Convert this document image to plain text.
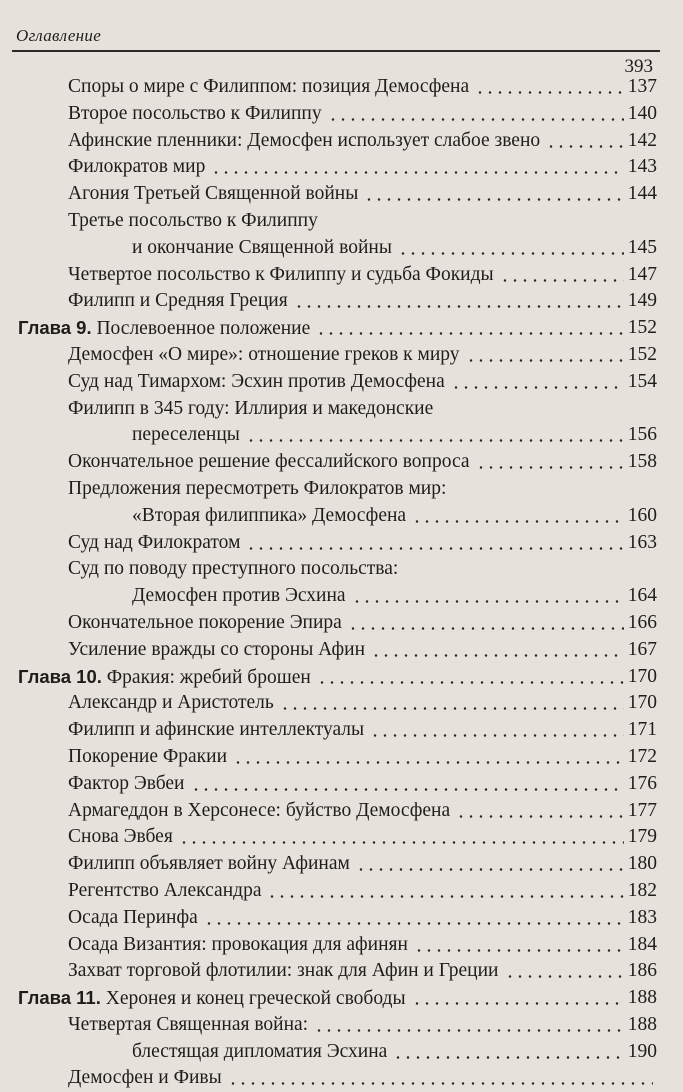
Оглавление
393
Споры о мире с Филиппом: позиция Демосфена	137
Второе посольство к Филиппу	140
Афинские пленники: Демосфен использует слабое звено	142
Филократов мир	143
Агония Третьей Священной войны	144
Третье посольство к Филиппу
и окончание Священной войны	145
Четвертое посольство к Филиппу и судьба Фокиды	147
Филипп и Средняя Греция	149
Глава 9. Послевоенное положение	152
Демосфен «О мире»: отношение греков к миру	152
Суд над Тимархом: Эсхин против Демосфена	154
Филипп в 345 году: Иллирия и македонские
переселенцы	156
Окончательное решение фессалийского вопроса	158
Предложения пересмотреть Филократов мир:
«Вторая филиппика» Демосфена	160
Суд над Филократом	163
Суд по поводу преступного посольства:
Демосфен против Эсхина	164
Окончательное покорение Эпира	166
Усиление вражды со стороны Афин	167
Глава 10. Фракия: жребий брошен	170
Александр и Аристотель	170
Филипп и афинские интеллектуалы	171
Покорение Фракии	172
Фактор Эвбеи	176
Армагеддон в Херсонесе: буйство Демосфена	177
Снова Эвбея	179
Филипп объявляет войну Афинам	180
Регентство Александра	182
Осада Перинфа	183
Осада Византия: провокация для афинян	184
Захват торговой флотилии: знак для Афин и Греции	186
Глава 11. Херонея и конец греческой свободы	188
Четвертая Священная война:	188
блестящая дипломатия Эсхина	190
Демосфен и Фивы
